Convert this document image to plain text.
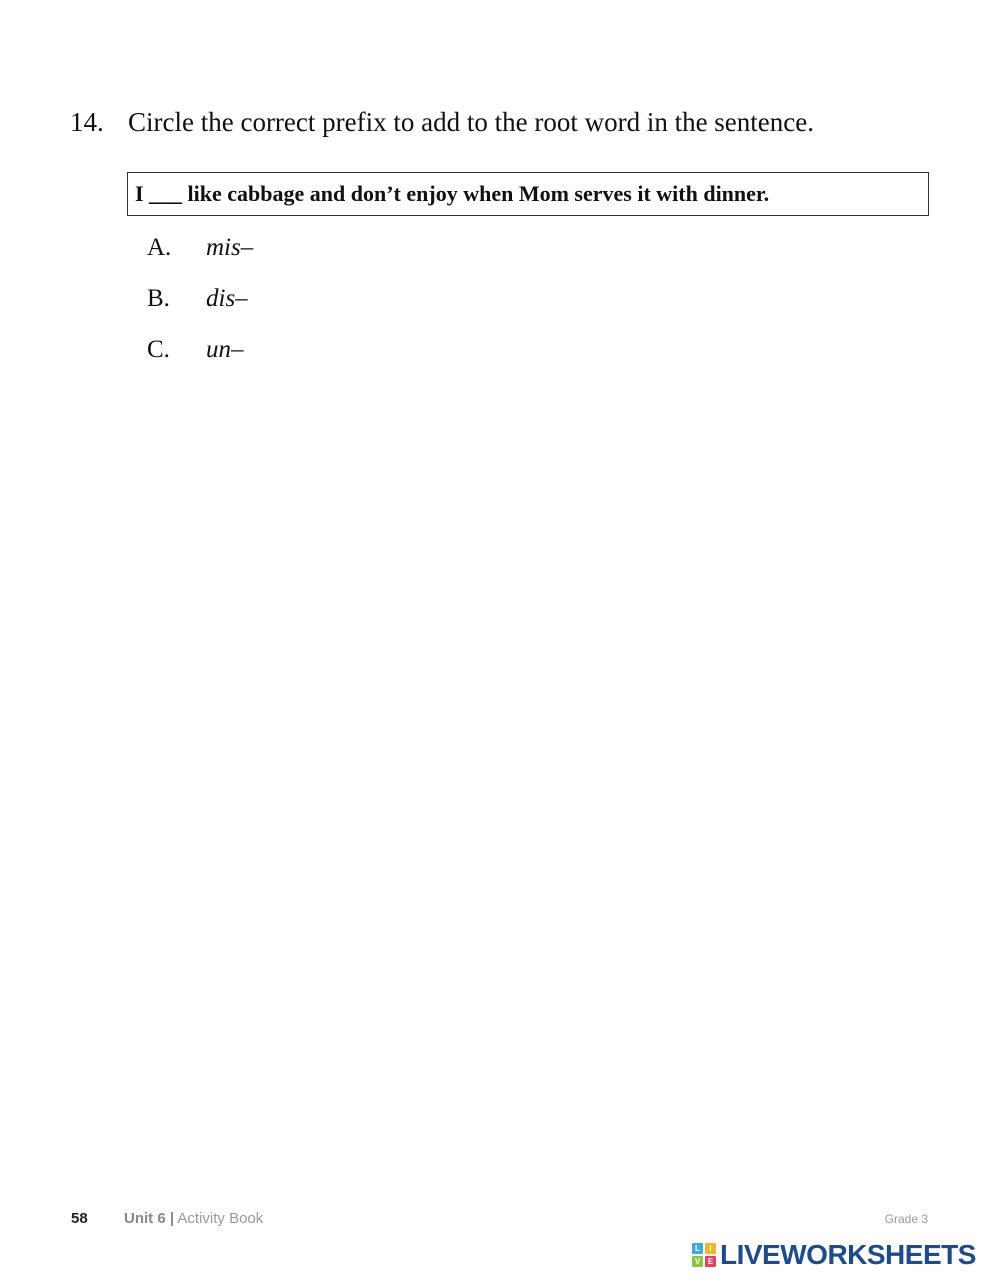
14. Circle the correct prefix to add to the root word in the sentence.
I ___ like cabbage and don’t enjoy when Mom serves it with dinner.
A. mis–
B. dis–
C. un–
58 Unit 6 | Activity Book	Grade 3
L	I
V E LIVEWORKSHEETS
